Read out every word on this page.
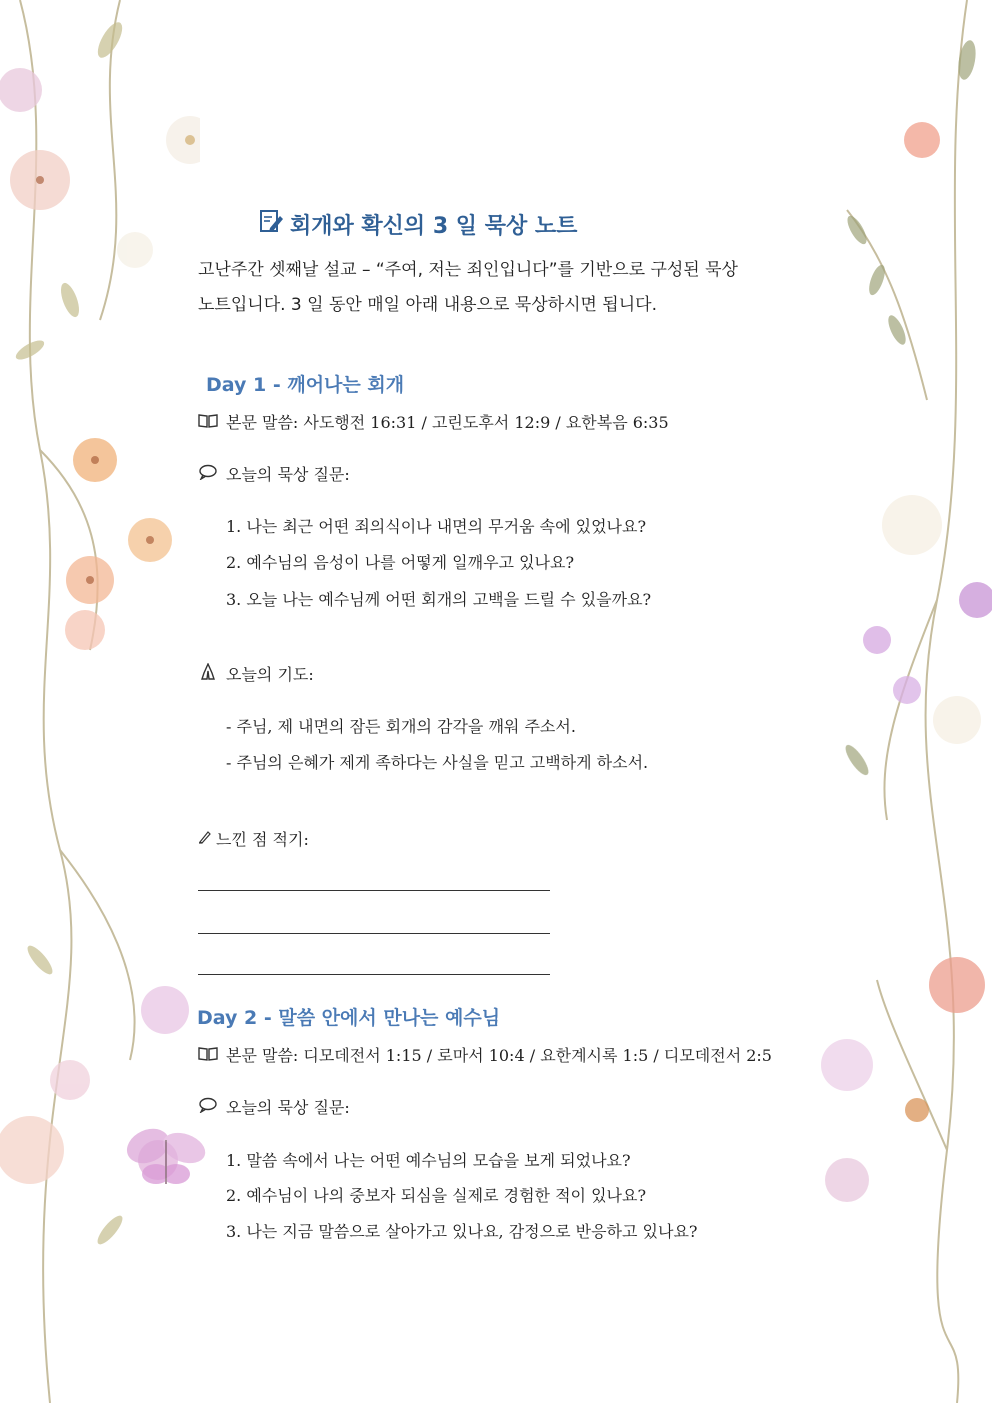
회개와 확신의 3 일 묵상 노트
고난주간 셋째날 설교 – “주여, 저는 죄인입니다”를 기반으로 구성된 묵상
노트입니다. 3 일 동안 매일 아래 내용으로 묵상하시면 됩니다.
Day 1 - 깨어나는 회개
본문 말씀: 사도행전 16:31 / 고린도후서 12:9 / 요한복음 6:35
오늘의 묵상 질문:
1. 나는 최근 어떤 죄의식이나 내면의 무거움 속에 있었나요?
2. 예수님의 음성이 나를 어떻게 일깨우고 있나요?
3. 오늘 나는 예수님께 어떤 회개의 고백을 드릴 수 있을까요?
오늘의 기도:
- 주님, 제 내면의 잠든 회개의 감각을 깨워 주소서.
- 주님의 은혜가 제게 족하다는 사실을 믿고 고백하게 하소서.
느낀 점 적기:
Day 2 - 말씀 안에서 만나는 예수님
본문 말씀: 디모데전서 1:15 / 로마서 10:4 / 요한계시록 1:5 / 디모데전서 2:5
오늘의 묵상 질문:
1. 말씀 속에서 나는 어떤 예수님의 모습을 보게 되었나요?
2. 예수님이 나의 중보자 되심을 실제로 경험한 적이 있나요?
3. 나는 지금 말씀으로 살아가고 있나요, 감정으로 반응하고 있나요?
